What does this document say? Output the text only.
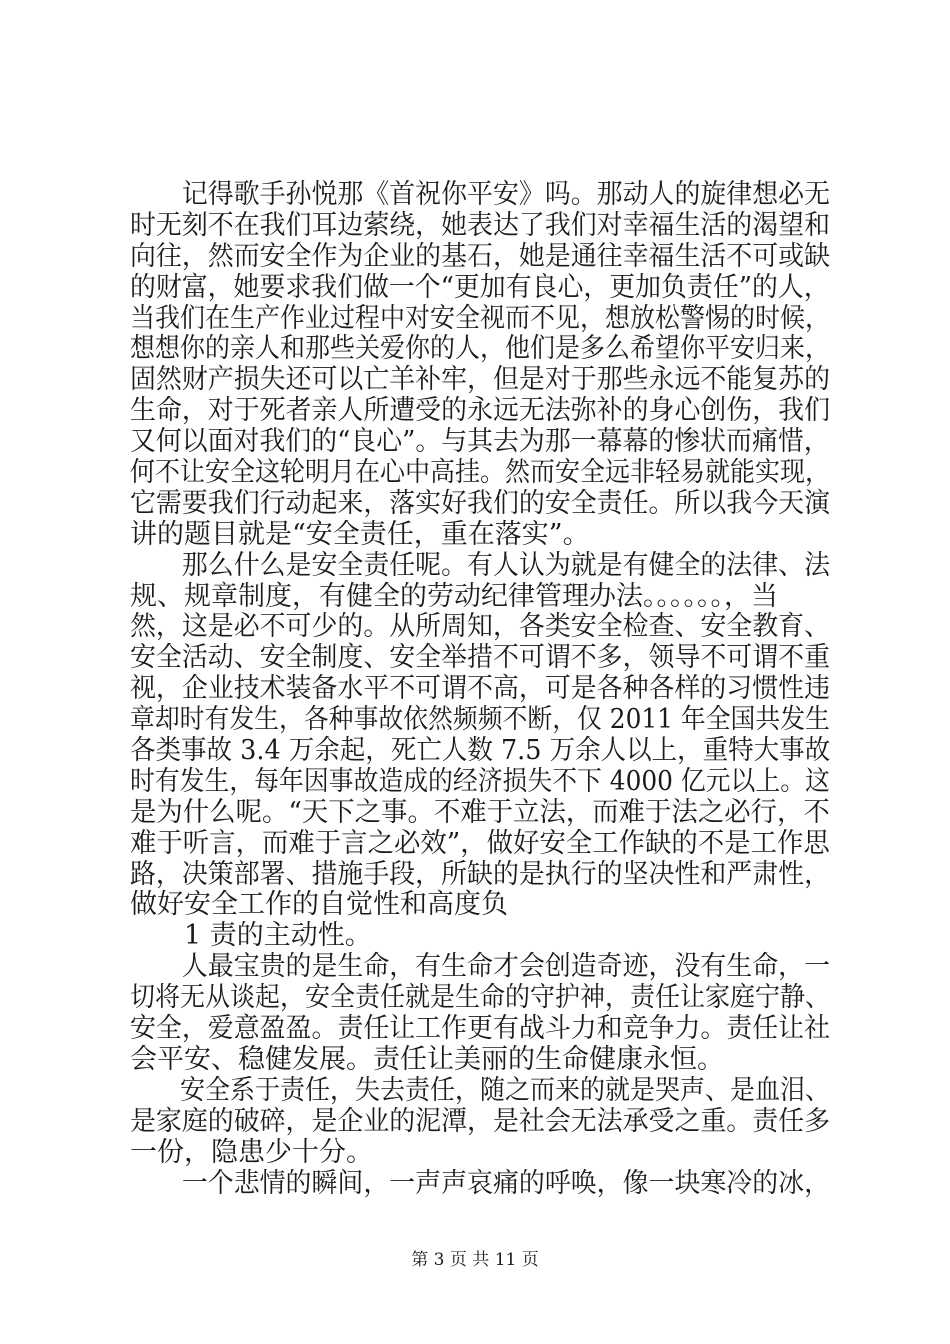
　　记得歌手孙悦那《首祝你平安》吗。那动人的旋律想必无
时无刻不在我们耳边萦绕，她表达了我们对幸福生活的渴望和
向往，然而安全作为企业的基石，她是通往幸福生活不可或缺
的财富，她要求我们做一个“更加有良心，更加负责任”的人，
当我们在生产作业过程中对安全视而不见，想放松警惕的时候，
想想你的亲人和那些关爱你的人，他们是多么希望你平安归来，
固然财产损失还可以亡羊补牢，但是对于那些永远不能复苏的
生命，对于死者亲人所遭受的永远无法弥补的身心创伤，我们
又何以面对我们的“良心”。与其去为那一幕幕的惨状而痛惜，
何不让安全这轮明月在心中高挂。然而安全远非轻易就能实现，
它需要我们行动起来，落实好我们的安全责任。所以我今天演
讲的题目就是“安全责任，重在落实”。
　　那么什么是安全责任呢。有人认为就是有健全的法律、法
规、规章制度，有健全的劳动纪律管理办法。。。。。。，当
然，这是必不可少的。从所周知，各类安全检查、安全教育、
安全活动、安全制度、安全举措不可谓不多，领导不可谓不重
视，企业技术装备水平不可谓不高，可是各种各样的习惯性违
章却时有发生，各种事故依然频频不断，仅 2011 年全国共发生
各类事故 3.4 万余起，死亡人数 7.5 万余人以上，重特大事故
时有发生，每年因事故造成的经济损失不下 4000 亿元以上。这
是为什么呢。“天下之事。不难于立法，而难于法之必行，不
难于听言，而难于言之必效”，做好安全工作缺的不是工作思
路，决策部署、措施手段，所缺的是执行的坚决性和严肃性，
做好安全工作的自觉性和高度负
　　1 责的主动性。
　　人最宝贵的是生命，有生命才会创造奇迹，没有生命，一
切将无从谈起，安全责任就是生命的守护神，责任让家庭宁静、
安全，爱意盈盈。责任让工作更有战斗力和竞争力。责任让社
会平安、稳健发展。责任让美丽的生命健康永恒。
　　安全系于责任，失去责任，随之而来的就是哭声、是血泪、
是家庭的破碎，是企业的泥潭，是社会无法承受之重。责任多
一份，隐患少十分。
　　一个悲情的瞬间，一声声哀痛的呼唤，像一块寒冷的冰，
第 3 页 共 11 页
